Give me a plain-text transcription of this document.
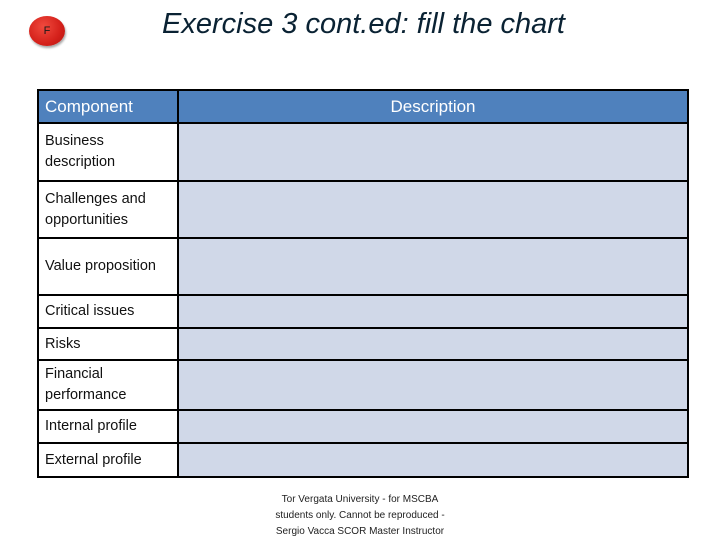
F	Exercise 3 cont.ed: fill the chart
Component	Description
Business description	
Challenges and opportunities	
Value proposition	
Critical issues	
Risks	
Financial performance	
Internal profile	
External profile	
Tor Vergata University - for MSCBA students only. Cannot be reproduced - Sergio Vacca SCOR Master Instructor
